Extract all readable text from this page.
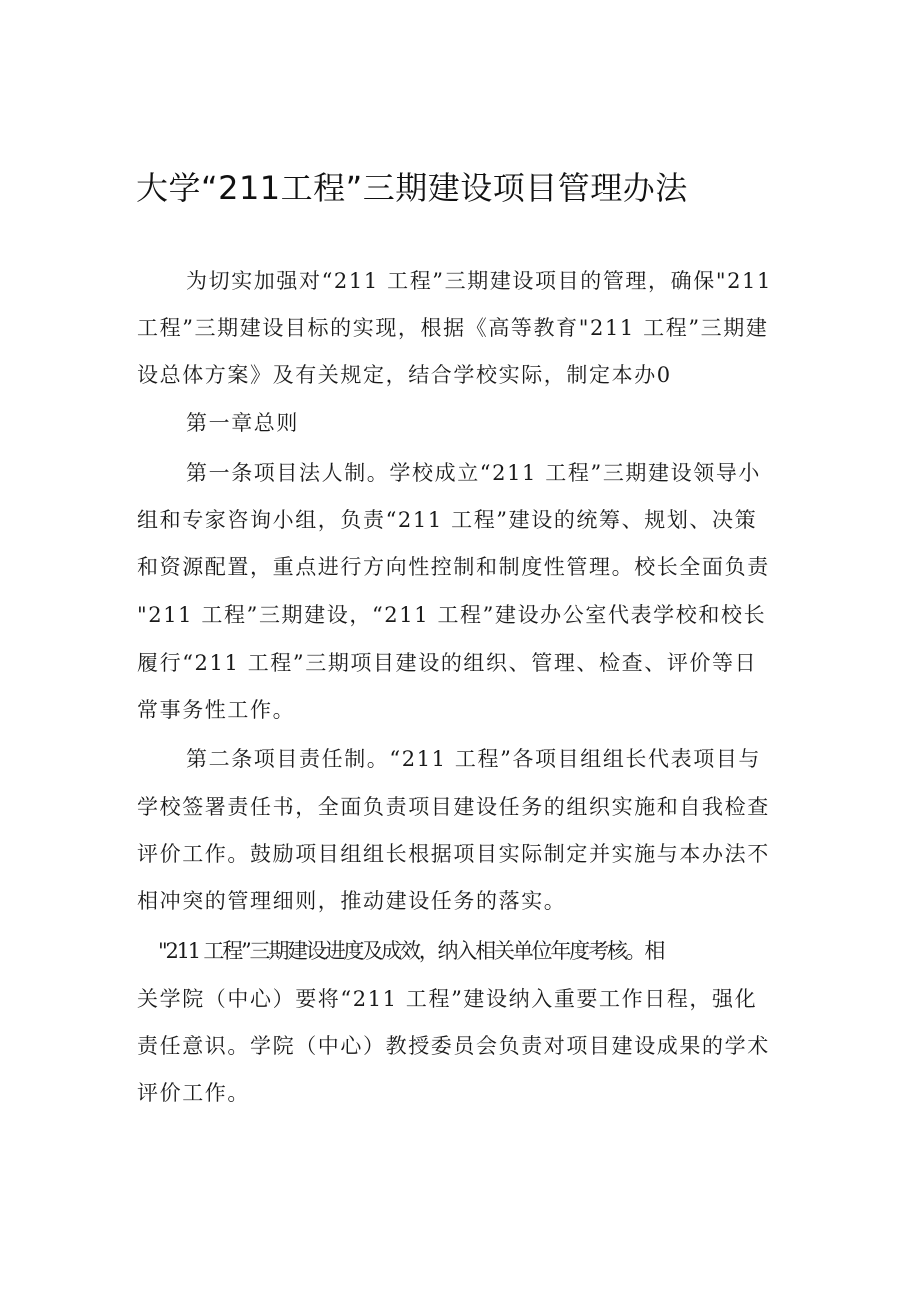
大学“211工程”三期建设项目管理办法
为切实加强对“211 工程”三期建设项目的管理，确保"211
工程”三期建设目标的实现，根据《高等教育"211 工程”三期建
设总体方案》及有关规定，结合学校实际，制定本办0
第一章总则
第一条项目法人制。学校成立“211 工程”三期建设领导小
组和专家咨询小组，负责“211 工程”建设的统筹、规划、决策
和资源配置，重点进行方向性控制和制度性管理。校长全面负责
"211 工程”三期建设，“211 工程”建设办公室代表学校和校长
履行“211 工程”三期项目建设的组织、管理、检查、评价等日
常事务性工作。
第二条项目责任制。“211 工程”各项目组组长代表项目与
学校签署责任书，全面负责项目建设任务的组织实施和自我检查
评价工作。鼓励项目组组长根据项目实际制定并实施与本办法不
相冲突的管理细则，推动建设任务的落实。
"211 工程”三期建设进度及成效，纳入相关单位年度考核。相
关学院（中心）要将“211 工程”建设纳入重要工作日程，强化
责任意识。学院（中心）教授委员会负责对项目建设成果的学术
评价工作。
